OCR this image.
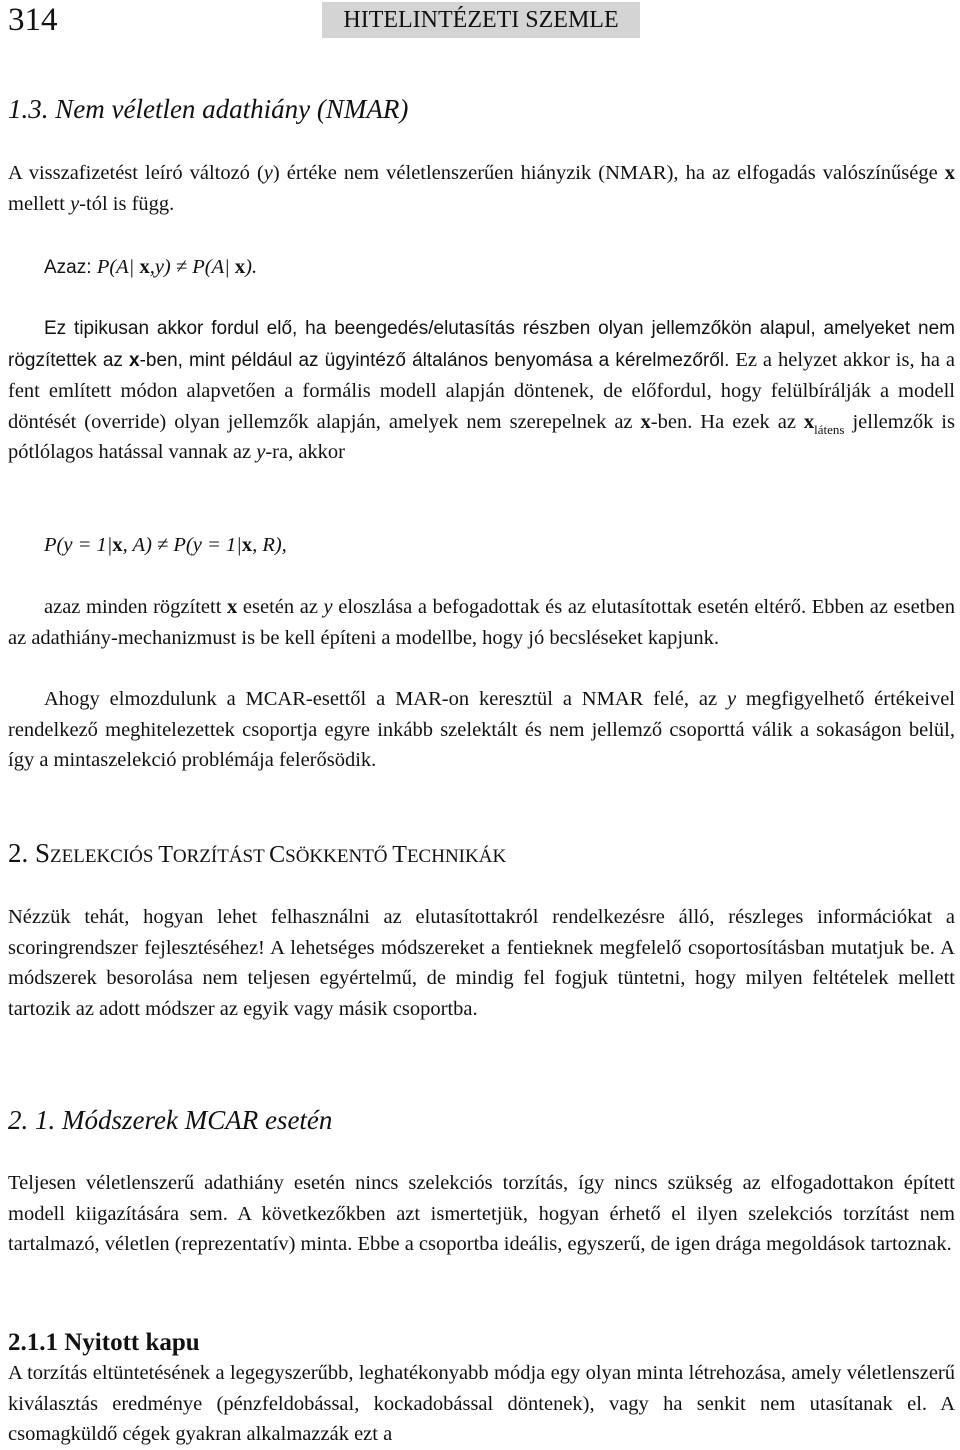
314	HITELINTÉZETI SZEMLE
1.3. Nem véletlen adathiány (NMAR)
A visszafizetést leíró változó (y) értéke nem véletlenszerűen hiányzik (NMAR), ha az elfogadás valószínűsége x mellett y-tól is függ.
Azaz: P(A| x,y) ≠ P(A| x).
Ez tipikusan akkor fordul elő, ha beengedés/elutasítás részben olyan jellemzőkön alapul, amelyeket nem rögzítettek az x-ben, mint például az ügyintéző általános benyomása a kérelmezőről. Ez a helyzet akkor is, ha a fent említett módon alapvetően a formális modell alapján döntenek, de előfordul, hogy felülbírálják a modell döntését (override) olyan jellemzők alapján, amelyek nem szerepelnek az x-ben. Ha ezek az $x_{látens}$ jellemzők is pótlólagos hatással vannak az y-ra, akkor
P(y = 1|x, A) ≠ P(y = 1|x, R),
azaz minden rögzített x esetén az y eloszlása a befogadottak és az elutasítottak esetén eltérő. Ebben az esetben az adathiány-mechanizmust is be kell építeni a modellbe, hogy jó becsléseket kapjunk.
Ahogy elmozdulunk a MCAR-esettől a MAR-on keresztül a NMAR felé, az y megfigyelhető értékeivel rendelkező meghitelezettek csoportja egyre inkább szelektált és nem jellemző csoporttá válik a sokaságon belül, így a mintaszelekció problémája felerősödik.
2. SZELEKCIÓS TORZÍTÁST CSÖKKENTŐ TECHNIKÁK
Nézzük tehát, hogyan lehet felhasználni az elutasítottakról rendelkezésre álló, részleges információkat a scoringrendszer fejlesztéséhez! A lehetséges módszereket a fentieknek megfelelő csoportosításban mutatjuk be. A módszerek besorolása nem teljesen egyértelmű, de mindig fel fogjuk tüntetni, hogy milyen feltételek mellett tartozik az adott módszer az egyik vagy másik csoportba.
2. 1. Módszerek MCAR esetén
Teljesen véletlenszerű adathiány esetén nincs szelekciós torzítás, így nincs szükség az elfogadottakon épített modell kiigazítására sem. A következőkben azt ismertetjük, hogyan érhető el ilyen szelekciós torzítást nem tartalmazó, véletlen (reprezentatív) minta. Ebbe a csoportba ideális, egyszerű, de igen drága megoldások tartoznak.
2.1.1 Nyitott kapu
A torzítás eltüntetésének a legegyszerűbb, leghatékonyabb módja egy olyan minta létrehozása, amely véletlenszerű kiválasztás eredménye (pénzfeldobással, kockadobással döntenek), vagy ha senkit nem utasítanak el. A csomagküldő cégek gyakran alkalmazzák ezt a
